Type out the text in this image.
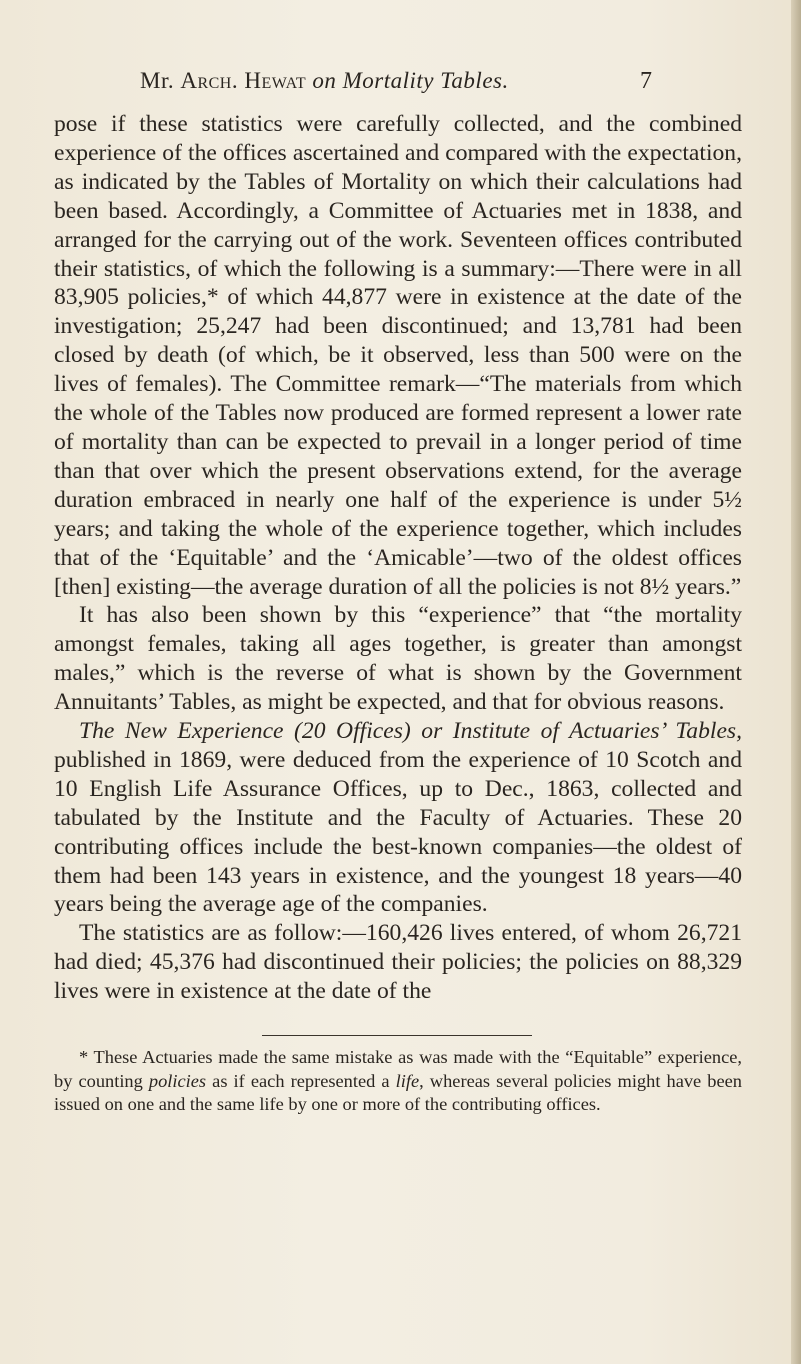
Mr. Arch. Hewat on Mortality Tables.	7

pose if these statistics were carefully collected, and the combined experience of the offices ascertained and compared with the expectation, as indicated by the Tables of Mortality on which their calculations had been based. Accordingly, a Committee of Actuaries met in 1838, and arranged for the carrying out of the work. Seventeen offices contributed their statistics, of which the following is a summary:—There were in all 83,905 policies,* of which 44,877 were in existence at the date of the investigation; 25,247 had been discontinued; and 13,781 had been closed by death (of which, be it observed, less than 500 were on the lives of females). The Committee remark—“The materials from which the whole of the Tables now produced are formed represent a lower rate of mortality than can be expected to prevail in a longer period of time than that over which the present observations extend, for the average duration embraced in nearly one half of the experience is under 5½ years; and taking the whole of the experience together, which includes that of the ‘Equitable’ and the ‘Amicable’—two of the oldest offices [then] existing—the average duration of all the policies is not 8½ years.”

It has also been shown by this “experience” that “the mortality amongst females, taking all ages together, is greater than amongst males,” which is the reverse of what is shown by the Government Annuitants’ Tables, as might be expected, and that for obvious reasons.

The New Experience (20 Offices) or Institute of Actuaries’ Tables, published in 1869, were deduced from the experience of 10 Scotch and 10 English Life Assurance Offices, up to Dec., 1863, collected and tabulated by the Institute and the Faculty of Actuaries. These 20 contributing offices include the best-known companies—the oldest of them had been 143 years in existence, and the youngest 18 years—40 years being the average age of the companies.

The statistics are as follow:—160,426 lives entered, of whom 26,721 had died; 45,376 had discontinued their policies; the policies on 88,329 lives were in existence at the date of the

* These Actuaries made the same mistake as was made with the “Equitable” experience, by counting policies as if each represented a life, whereas several policies might have been issued on one and the same life by one or more of the contributing offices.
